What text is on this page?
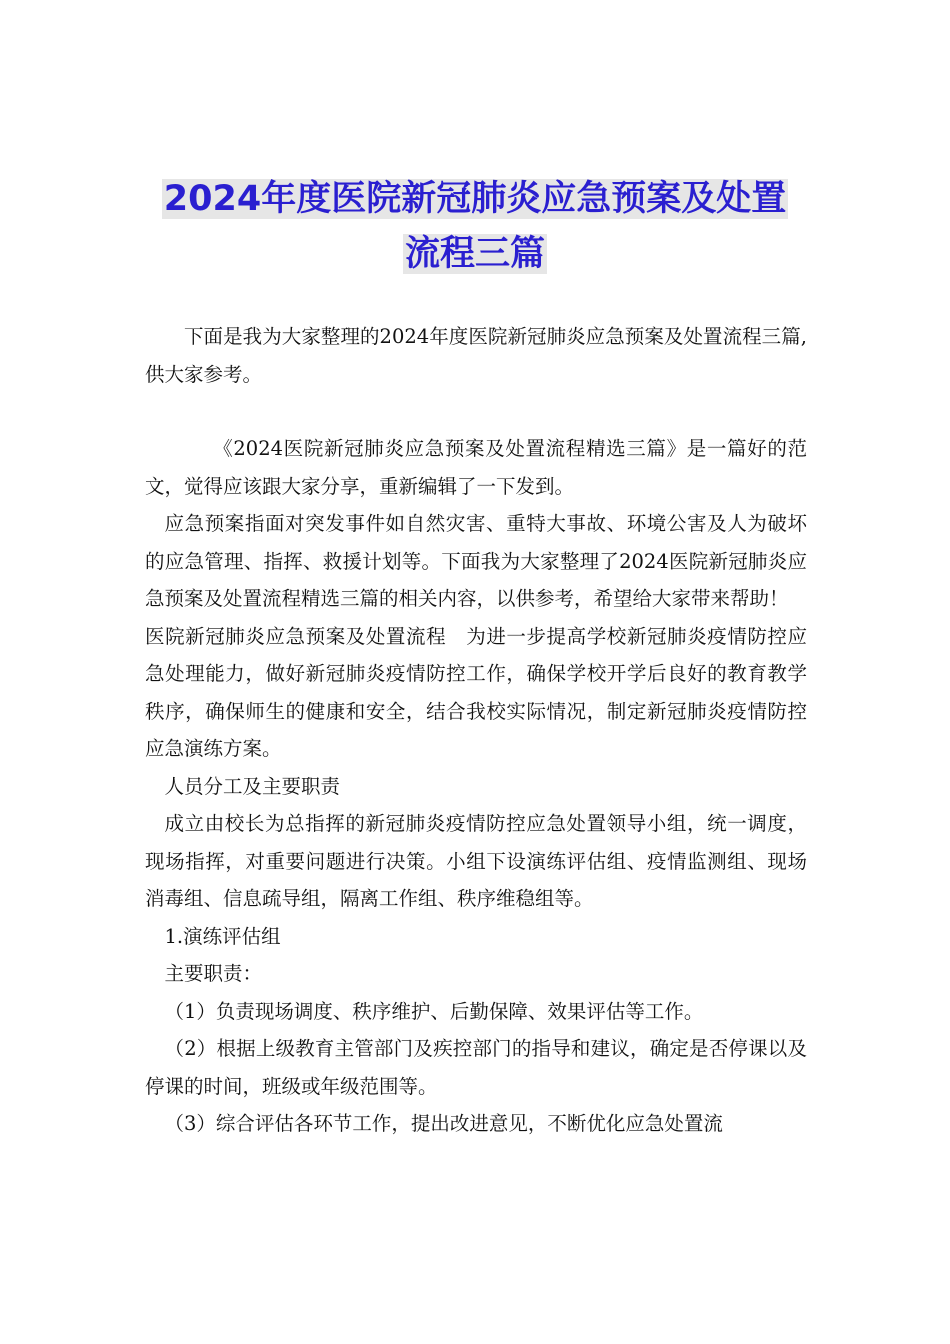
2024年度医院新冠肺炎应急预案及处置
流程三篇

下面是我为大家整理的2024年度医院新冠肺炎应急预案及处置流程三篇,供大家参考。

《2024医院新冠肺炎应急预案及处置流程精选三篇》是一篇好的范文，觉得应该跟大家分享，重新编辑了一下发到。

应急预案指面对突发事件如自然灾害、重特大事故、环境公害及人为破坏的应急管理、指挥、救援计划等。下面我为大家整理了2024医院新冠肺炎应急预案及处置流程精选三篇的相关内容，以供参考，希望给大家带来帮助！

医院新冠肺炎应急预案及处置流程　为进一步提高学校新冠肺炎疫情防控应急处理能力，做好新冠肺炎疫情防控工作，确保学校开学后良好的教育教学秩序，确保师生的健康和安全，结合我校实际情况，制定新冠肺炎疫情防控应急演练方案。

人员分工及主要职责

成立由校长为总指挥的新冠肺炎疫情防控应急处置领导小组，统一调度，现场指挥，对重要问题进行决策。小组下设演练评估组、疫情监测组、现场消毒组、信息疏导组，隔离工作组、秩序维稳组等。

1.演练评估组

主要职责：

（1）负责现场调度、秩序维护、后勤保障、效果评估等工作。

（2）根据上级教育主管部门及疾控部门的指导和建议，确定是否停课以及停课的时间，班级或年级范围等。

（3）综合评估各环节工作，提出改进意见，不断优化应急处置流
